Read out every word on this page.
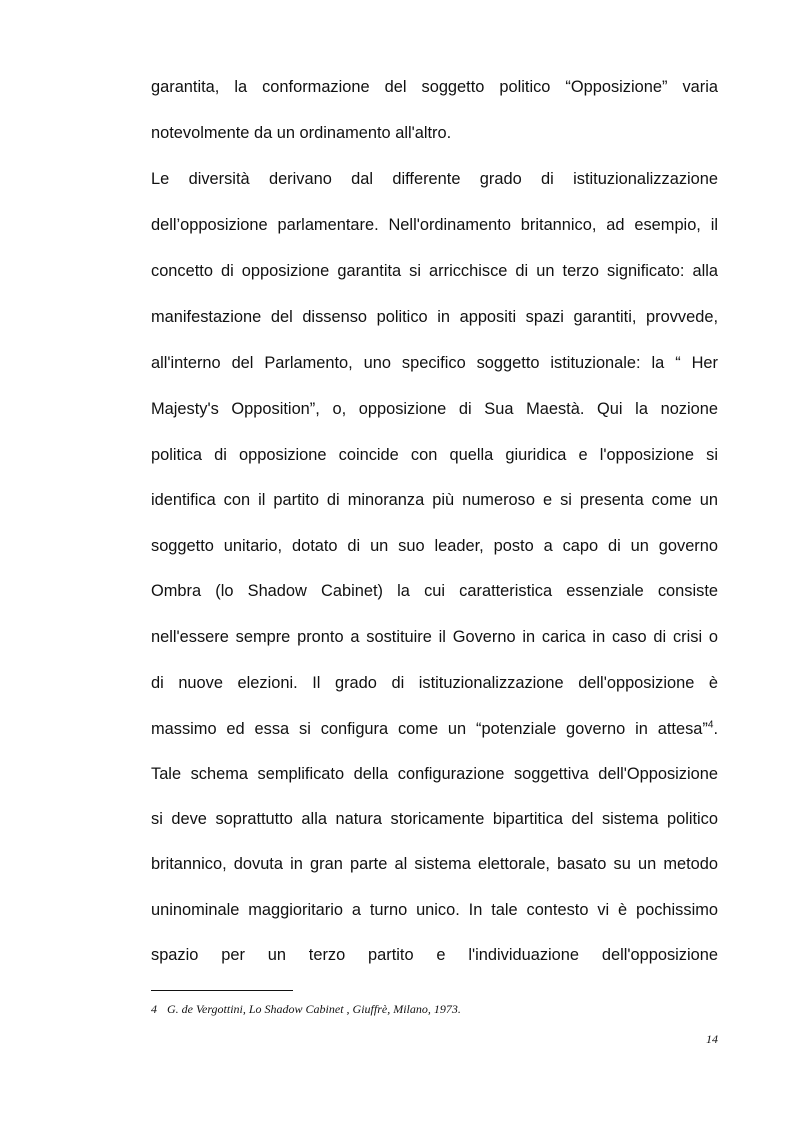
garantita, la conformazione del soggetto politico “Opposizione” varia
notevolmente da un ordinamento all'altro.
Le diversità derivano dal differente grado di istituzionalizzazione
dell’opposizione parlamentare. Nell'ordinamento britannico, ad esempio, il
concetto di opposizione garantita si arricchisce di un terzo significato: alla
manifestazione del dissenso politico in appositi spazi garantiti, provvede,
all'interno del Parlamento, uno specifico soggetto istituzionale: la “ Her
Majesty's Opposition”, o, opposizione di Sua Maestà. Qui la nozione
politica di opposizione coincide con quella giuridica e l'opposizione si
identifica con il partito di minoranza più numeroso e si presenta come un
soggetto unitario, dotato di un suo leader, posto a capo di un governo
Ombra (lo Shadow Cabinet) la cui caratteristica essenziale consiste
nell'essere sempre pronto a sostituire il Governo in carica in caso di crisi o
di nuove elezioni. Il grado di istituzionalizzazione dell'opposizione è
massimo ed essa si configura come un “potenziale governo in attesa”$^4$.
Tale schema semplificato della configurazione soggettiva dell'Opposizione
si deve soprattutto alla natura storicamente bipartitica del sistema politico
britannico, dovuta in gran parte al sistema elettorale, basato su un metodo
uninominale maggioritario a turno unico. In tale contesto vi è pochissimo
spazio per un terzo partito e l'individuazione dell'opposizione
4 G. de Vergottini, Lo Shadow Cabinet , Giuffrè, Milano, 1973.
14
